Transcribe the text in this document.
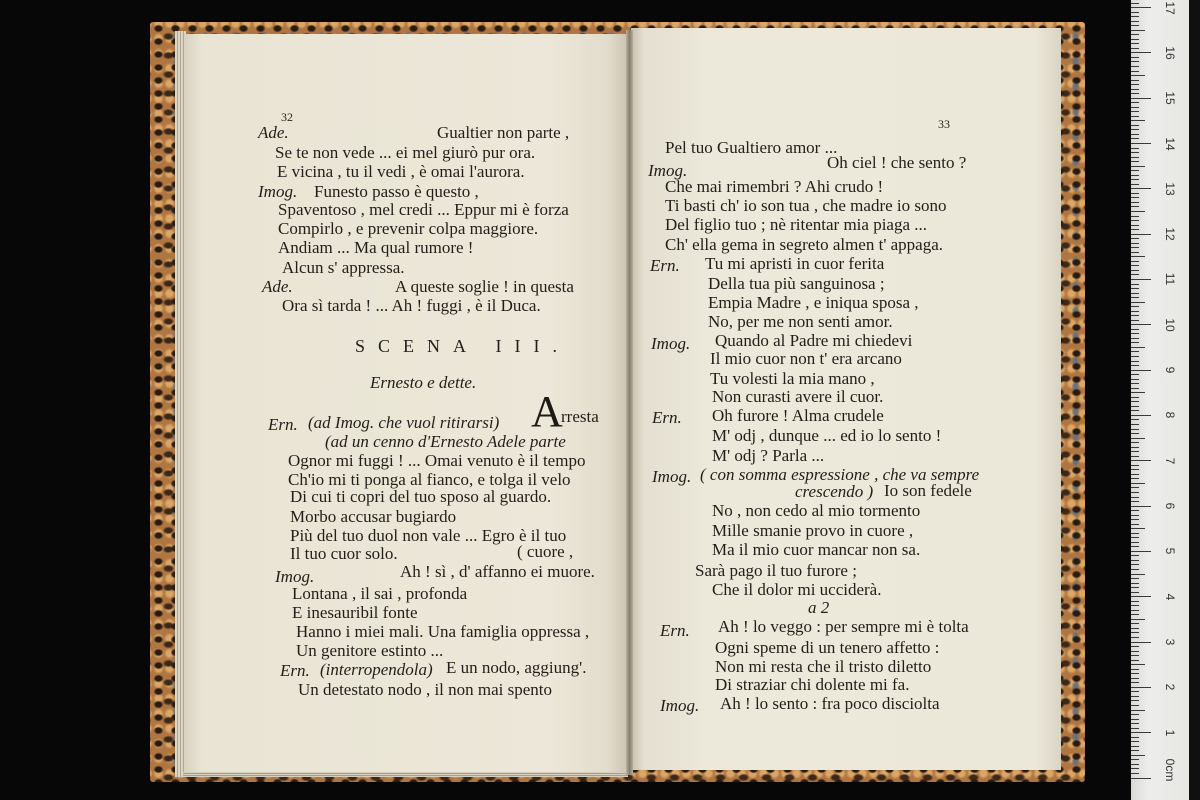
32
Ade.	Gualtier non parte ,
Se te non vede ... ei mel giurò pur ora.
E vicina , tu il vedi , è omai l'aurora.
Imog. Funesto passo è questo ,
Spaventoso , mel credi ... Eppur mi è forza
Compirlo , e prevenir colpa maggiore.
Andiam ... Ma qual rumore !
Alcun s' appressa.
Ade.	A queste soglie ! in questa
Ora sì tarda ! ... Ah ! fuggi , è il Duca.
SCENA III.
Ernesto e dette.
Ern. (ad Imog. che vuol ritirarsi) A
rresta
(ad un cenno d'Ernesto Adele parte
Ognor mi fuggi ! ... Omai venuto è il tempo
Ch'io mi ti ponga al fianco, e tolga il velo
Di cui ti copri del tuo sposo al guardo.
Morbo accusar bugiardo
Più del tuo duol non vale ... Egro è il tuo
Il tuo cuor solo.	( cuore ,
Imog.	Ah ! sì , d' affanno ei muore.
Lontana , il sai , profonda
E inesauribil fonte
Hanno i miei mali. Una famiglia oppressa ,
Un genitore estinto ...
Ern. (interropendola) E un nodo, aggiung'.
Un detestato nodo , il non mai spento
33
Pel tuo Gualtiero amor ...
Imog.	Oh ciel ! che sento ?
Che mai rimembri ? Ahi crudo !
Ti basti ch' io son tua , che madre io sono
Del figlio tuo ; nè ritentar mia piaga ...
Ch' ella gema in segreto almen t' appaga.
Ern. Tu mi apristi in cuor ferita
Della tua più sanguinosa ;
Empia Madre , e iniqua sposa ,
No, per me non senti amor.
Imog. Quando al Padre mi chiedevi
Il mio cuor non t' era arcano
Tu volesti la mia mano ,
Non curasti avere il cuor.
Ern. Oh furore ! Alma crudele
M' odj , dunque ... ed io lo sento !
M' odj ? Parla ...
Imog. ( con somma espressione , che va sempre
crescendo ) Io son fedele
No , non cedo al mio tormento
Mille smanie provo in cuore ,
Ma il mio cuor mancar non sa.
Sarà pago il tuo furore ;
Che il dolor mi ucciderà.
a 2
Ern. Ah ! lo veggo : per sempre mi è tolta
Ogni speme di un tenero affetto :
Non mi resta che il tristo diletto
Di straziar chi dolente mi fa.
Imog. Ah ! lo sento : fra poco disciolta
0cm
1
2
3
4
5
6
7
8
9
10
11
12
13
14
15
16
17
